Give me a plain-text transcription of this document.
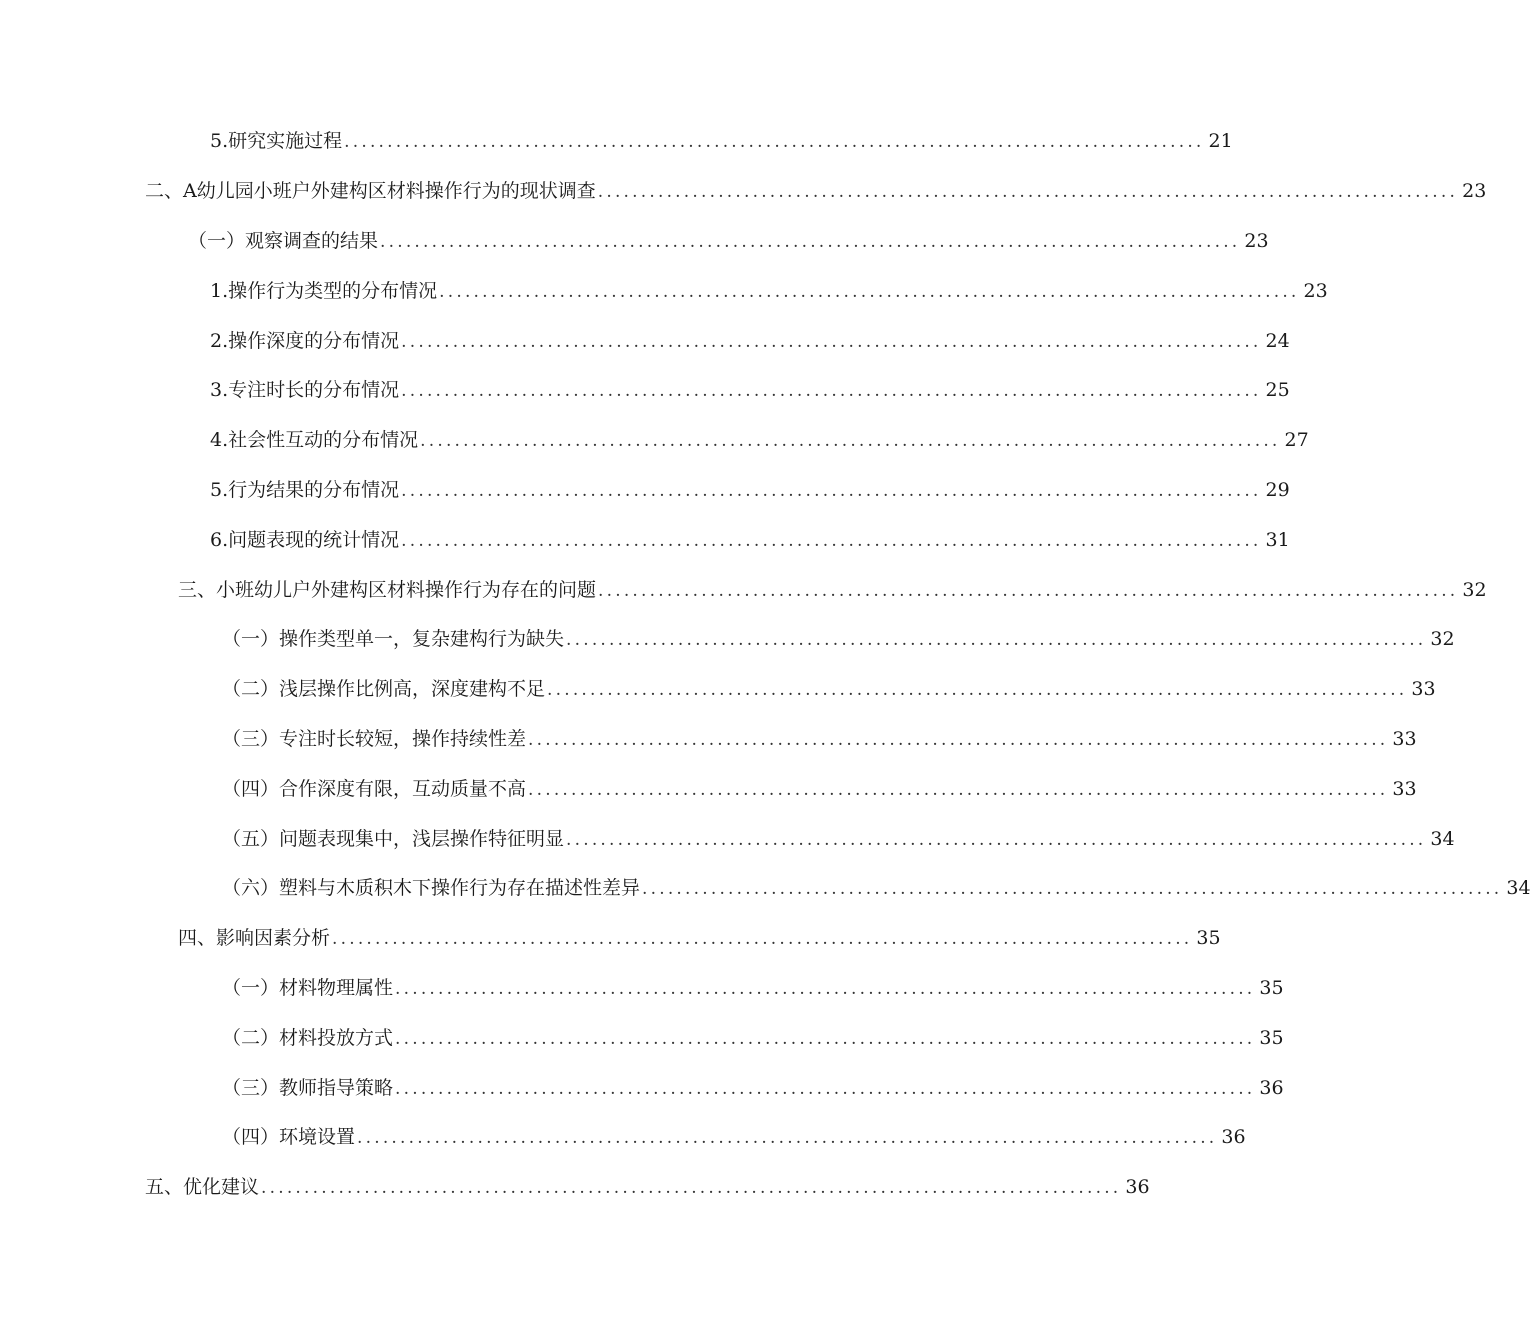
5.研究实施过程 .................................................................................................... 21
二、A幼儿园小班户外建构区材料操作行为的现状调查 .................................................................................................... 23
（一）观察调查的结果 .................................................................................................... 23
1.操作行为类型的分布情况 .................................................................................................... 23
2.操作深度的分布情况 .................................................................................................... 24
3.专注时长的分布情况 .................................................................................................... 25
4.社会性互动的分布情况 .................................................................................................... 27
5.行为结果的分布情况 .................................................................................................... 29
6.问题表现的统计情况 .................................................................................................... 31
三、小班幼儿户外建构区材料操作行为存在的问题 .................................................................................................... 32
（一）操作类型单一，复杂建构行为缺失 .................................................................................................... 32
（二）浅层操作比例高，深度建构不足 .................................................................................................... 33
（三）专注时长较短，操作持续性差 .................................................................................................... 33
（四）合作深度有限，互动质量不高 .................................................................................................... 33
（五）问题表现集中，浅层操作特征明显 .................................................................................................... 34
（六）塑料与木质积木下操作行为存在描述性差异 .................................................................................................... 34
四、影响因素分析 .................................................................................................... 35
（一）材料物理属性 .................................................................................................... 35
（二）材料投放方式 .................................................................................................... 35
（三）教师指导策略 .................................................................................................... 36
（四）环境设置 .................................................................................................... 36
五、优化建议 .................................................................................................... 36
